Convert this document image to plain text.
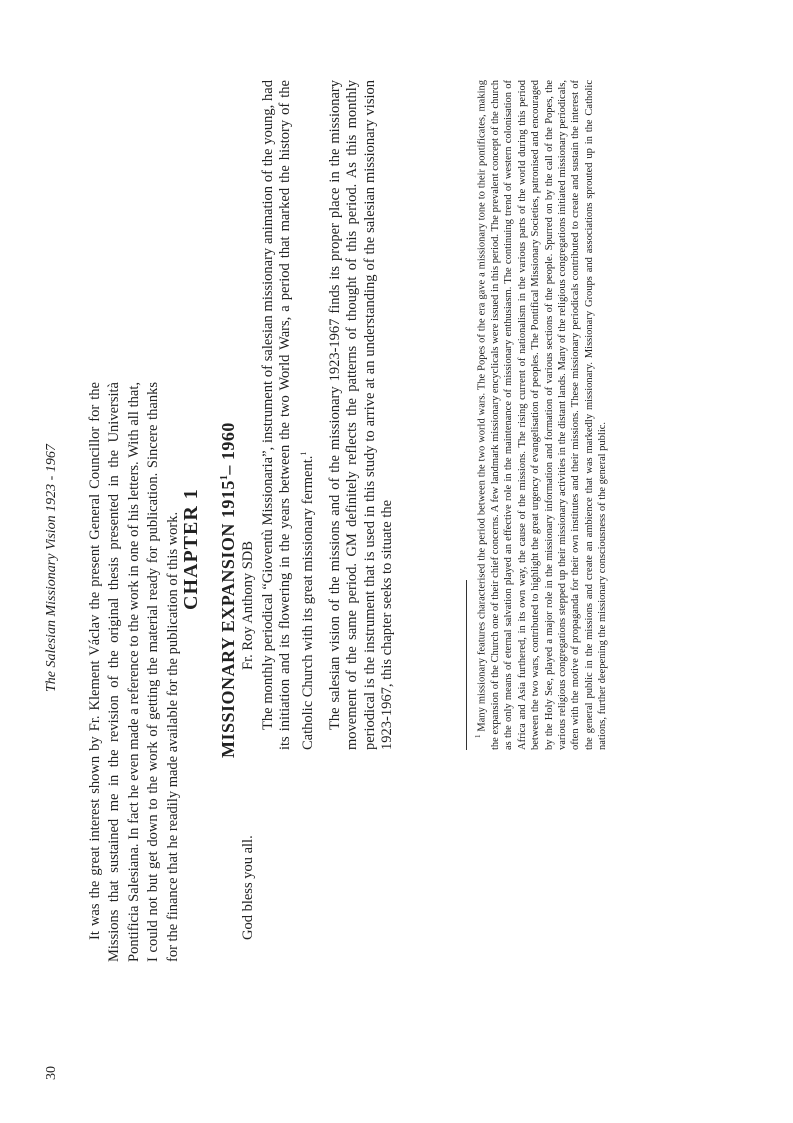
30
The Salesian Missionary Vision 1923 - 1967 It was the great interest shown by Fr. Klement Václav the present General Councillor for the Missions that sustained me in the revision of the original thesis presented in the Università Pontificia Salesiana. In fact he even made a reference to the work in one of his letters. With all that, I could not but get down to the work of getting the material ready for publication. Sincere thanks for the finance that he readily made available for the publication of this work.	God bless you all.
Fr. Roy Anthony SDB
CHAPTER 1 MISSIONARY EXPANSION 1915$^1$– 1960 The monthly periodical “Gioventù Missionaria”, instrument of salesian missionary animation of the young, had its initiation and its flowering in the years between the two World Wars, a period that marked the history of the Catholic Church with its great missionary ferment.$^1$	The salesian vision of the missions and of the missionary 1923-1967 finds its proper place in the missionary movement of the same period. GM definitely reflects the patterns of thought of this period. As this monthly periodical is the instrument that is used in this study to arrive at an understanding of the salesian missionary vision 1923-1967, this chapter seeks to situate the	$^1$ Many missionary features characterised the period between the two world wars. The Popes of the era gave a missionary tone to their pontificates, making the expansion of the Church one of their chief concerns. A few landmark missionary encyclicals were issued in this period. The prevalent concept of the church as the only means of eternal salvation played an effective role in the maintenance of missionary enthusiasm. The continuing trend of western colonisation of Africa and Asia furthered, in its own way, the cause of the missions. The rising current of nationalism in the various parts of the world during this period between the two wars, contributed to highlight the great urgency of evangelisation of peoples. The Pontifical Missionary Societies, patronised and encouraged by the Holy See, played a major role in the missionary information and formation of various sections of the people. Spurred on by the call of the Popes, the various religious congregations stepped up their missionary activities in the distant lands. Many of the religious congregations initiated missionary periodicals, often with the motive of propaganda for their own institutes and their missions. These missionary periodicals contributed to create and sustain the interest of the general public in the missions and create an ambience that was markedly missionary. Missionary Groups and associations sprouted up in the Catholic nations, further deepening the missionary consciousness of the general public.
